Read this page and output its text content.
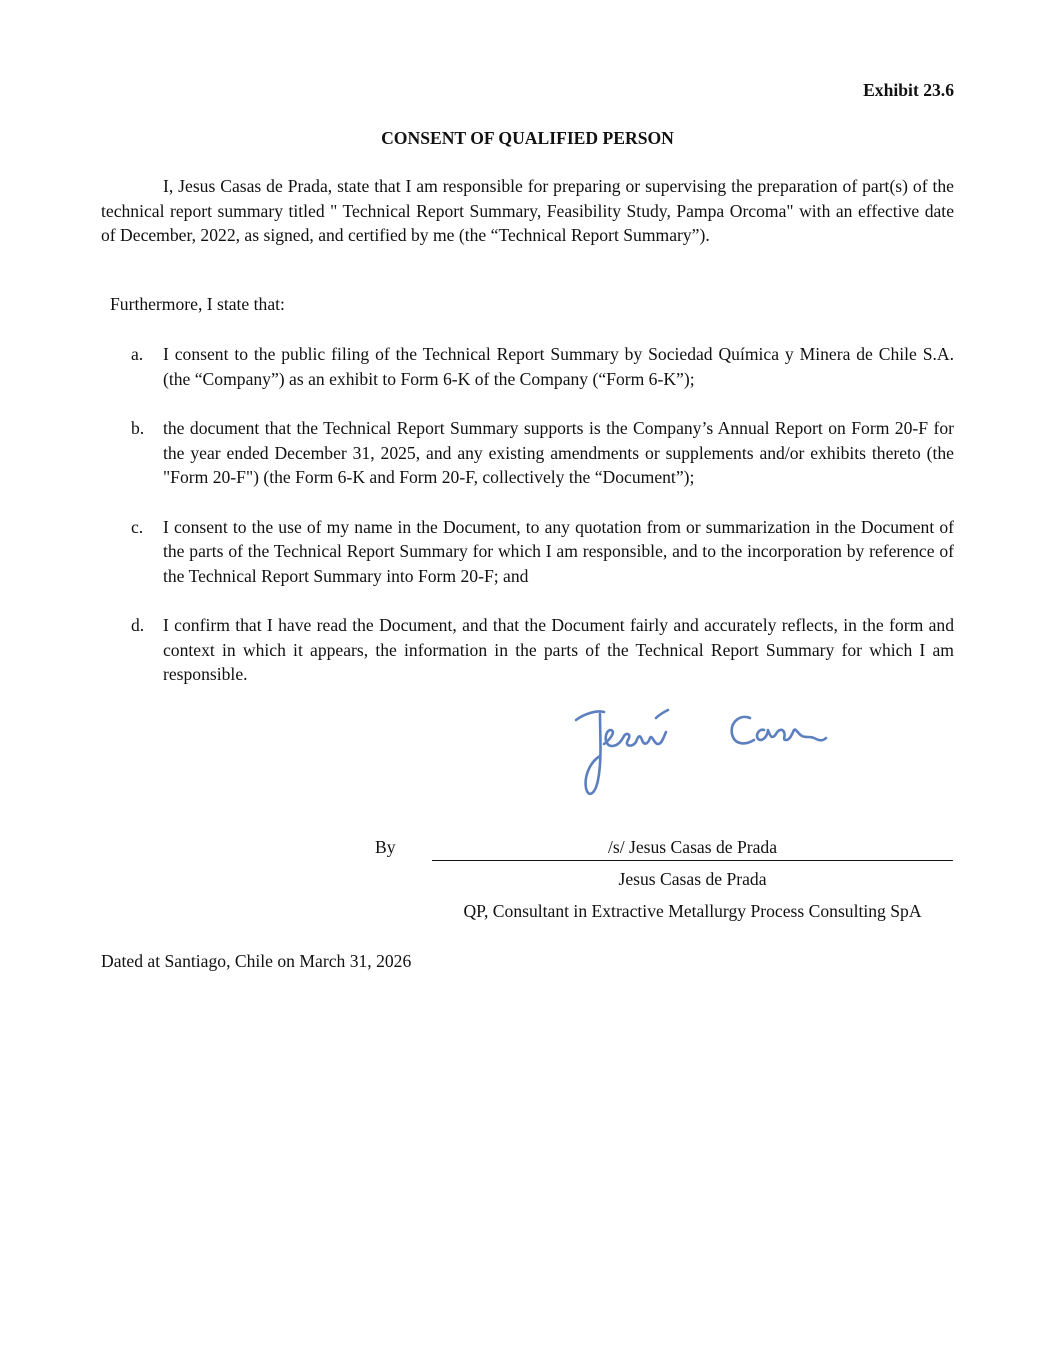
Exhibit 23.6
CONSENT OF QUALIFIED PERSON

I, Jesus Casas de Prada, state that I am responsible for preparing or supervising the preparation of part(s) of the technical report summary titled " Technical Report Summary, Feasibility Study, Pampa Orcoma" with an effective date of December, 2022, as signed, and certified by me (the “Technical Report Summary”).

Furthermore, I state that:

a. I consent to the public filing of the Technical Report Summary by Sociedad Química y Minera de Chile S.A. (the “Company”) as an exhibit to Form 6-K of the Company (“Form 6-K”);
b. the document that the Technical Report Summary supports is the Company’s Annual Report on Form 20-F for the year ended December 31, 2025, and any existing amendments or supplements and/or exhibits thereto (the "Form 20-F") (the Form 6-K and Form 20-F, collectively the “Document”);
c. I consent to the use of my name in the Document, to any quotation from or summarization in the Document of the parts of the Technical Report Summary for which I am responsible, and to the incorporation by reference of the Technical Report Summary into Form 20-F; and
d. I confirm that I have read the Document, and that the Document fairly and accurately reflects, in the form and context in which it appears, the information in the parts of the Technical Report Summary for which I am responsible.
By	/s/ Jesus Casas de Prada
Jesus Casas de Prada
QP, Consultant in Extractive Metallurgy Process Consulting SpA
Dated at Santiago, Chile on March 31, 2026
